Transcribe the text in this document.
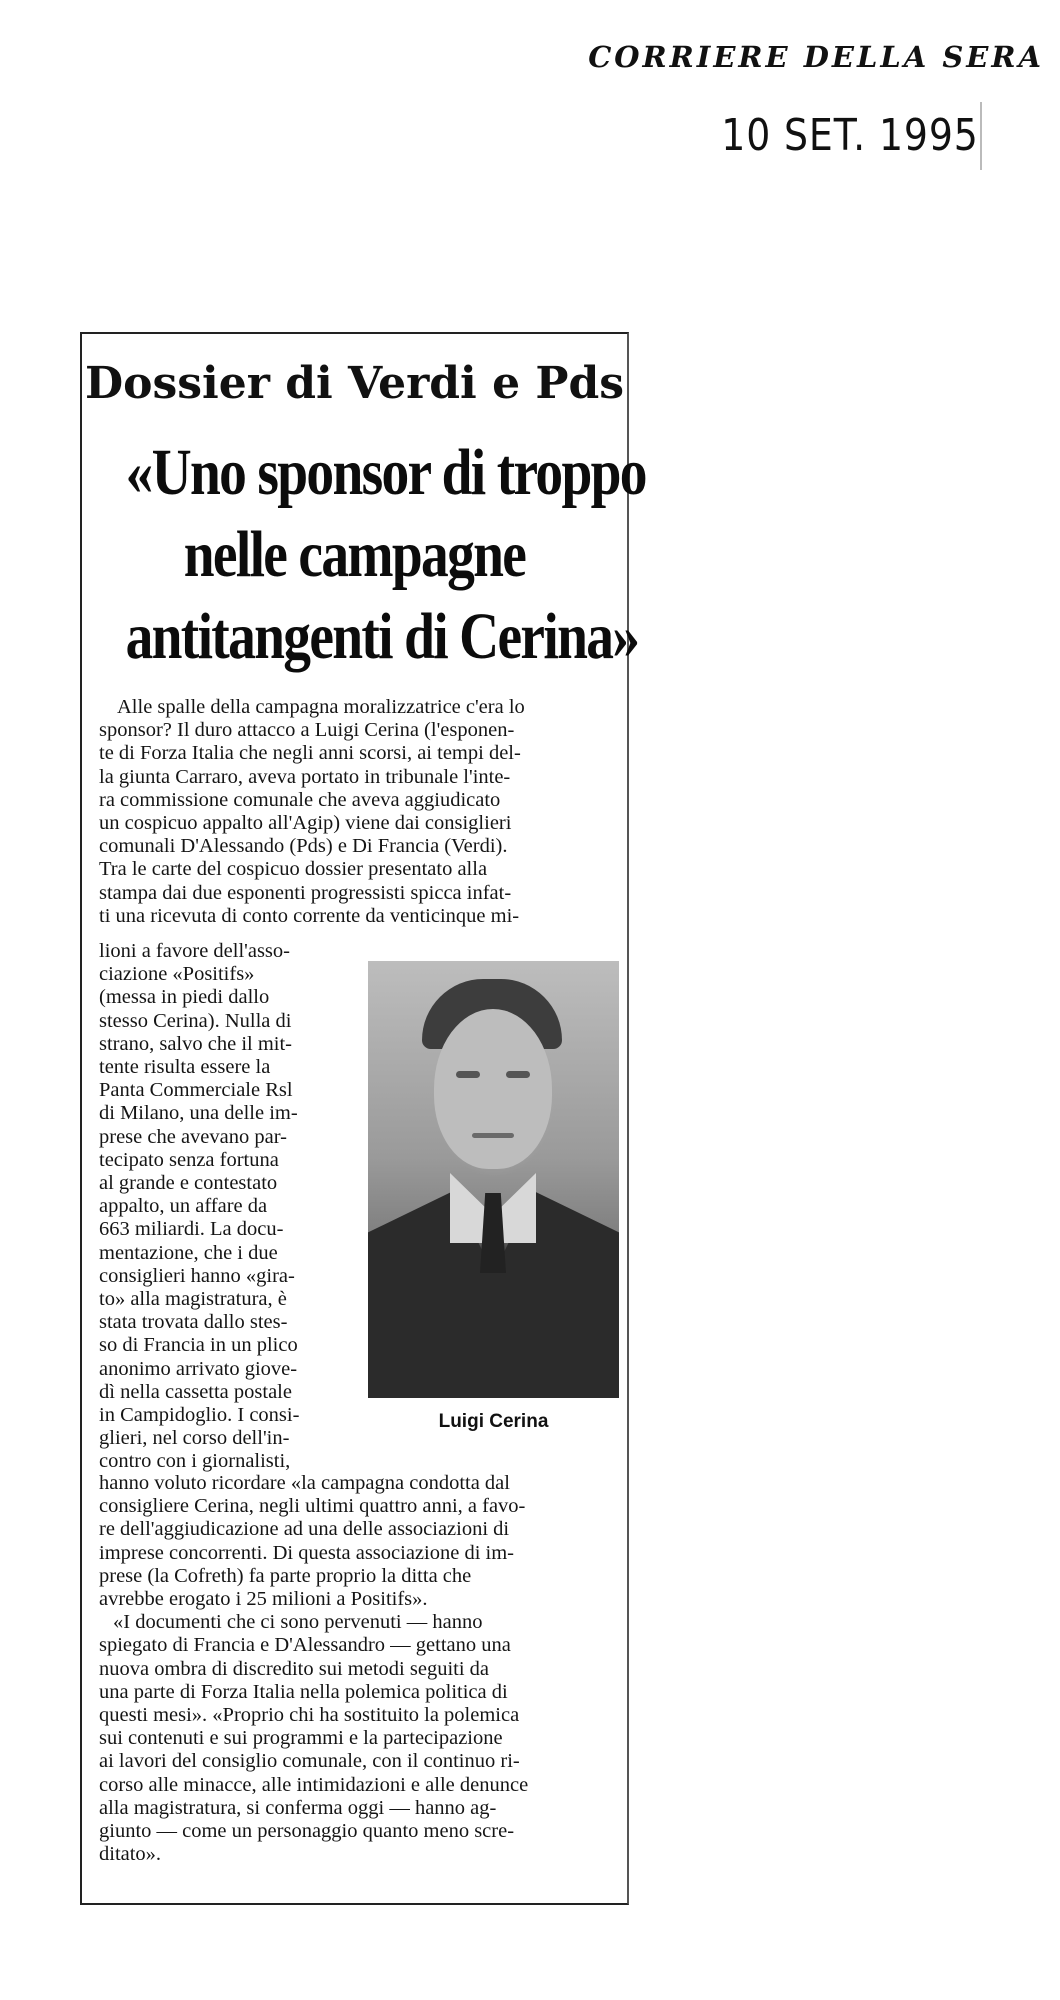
CORRIERE DELLA SERA
10 SET. 1995
Dossier di Verdi e Pds
«Uno sponsor di troppo
nelle campagne
antitangenti di Cerina»
Alle spalle della campagna moralizzatrice c'era lo
sponsor? Il duro attacco a Luigi Cerina (l'esponen-
te di Forza Italia che negli anni scorsi, ai tempi del-
la giunta Carraro, aveva portato in tribunale l'inte-
ra commissione comunale che aveva aggiudicato
un cospicuo appalto all'Agip) viene dai consiglieri
comunali D'Alessando (Pds) e Di Francia (Verdi).
Tra le carte del cospicuo dossier presentato alla
stampa dai due esponenti progressisti spicca infat-
ti una ricevuta di conto corrente da venticinque mi-
lioni a favore dell'asso-
ciazione «Positifs»
(messa in piedi dallo
stesso Cerina). Nulla di
strano, salvo che il mit-
tente risulta essere la
Panta Commerciale Rsl
di Milano, una delle im-
prese che avevano par-
tecipato senza fortuna
al grande e contestato
appalto, un affare da
663 miliardi. La docu-
mentazione, che i due
consiglieri hanno «gira-
to» alla magistratura, è
stata trovata dallo stes-
so di Francia in un plico
anonimo arrivato giove-
dì nella cassetta postale
in Campidoglio. I consi-
glieri, nel corso dell'in-
contro con i giornalisti,
Luigi Cerina
hanno voluto ricordare «la campagna condotta dal
consigliere Cerina, negli ultimi quattro anni, a favo-
re dell'aggiudicazione ad una delle associazioni di
imprese concorrenti. Di questa associazione di im-
prese (la Cofreth) fa parte proprio la ditta che
avrebbe erogato i 25 milioni a Positifs».
«I documenti che ci sono pervenuti — hanno
spiegato di Francia e D'Alessandro — gettano una
nuova ombra di discredito sui metodi seguiti da
una parte di Forza Italia nella polemica politica di
questi mesi». «Proprio chi ha sostituito la polemica
sui contenuti e sui programmi e la partecipazione
ai lavori del consiglio comunale, con il continuo ri-
corso alle minacce, alle intimidazioni e alle denunce
alla magistratura, si conferma oggi — hanno ag-
giunto — come un personaggio quanto meno scre-
ditato».
